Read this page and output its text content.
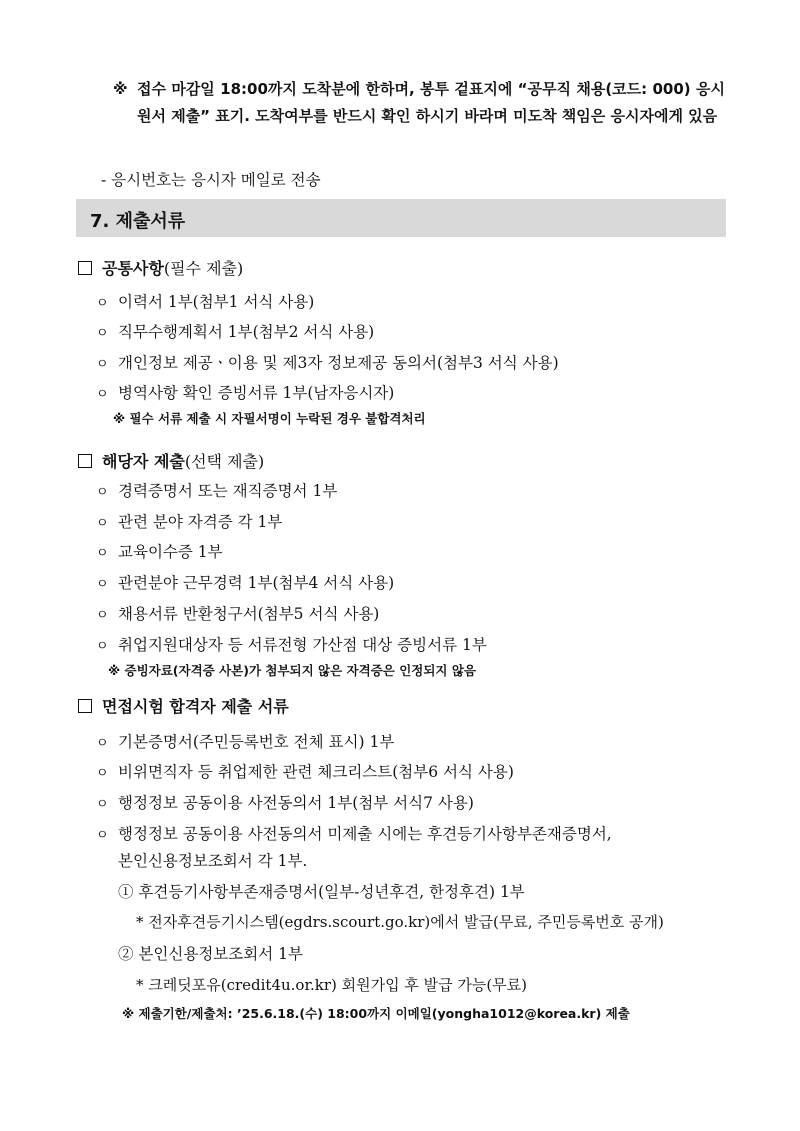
※ 접수 마감일 18:00까지 도착분에 한하며, 봉투 겉표지에 “공무직 채용(코드: 000) 응시원서 제출” 표기. 도착여부를 반드시 확인 하시기 바라며 미도착 책임은 응시자에게 있음
- 응시번호는 응시자 메일로 전송
7. 제출서류
공통사항(필수 제출)
ㅇ 이력서 1부(첨부1 서식 사용)
ㅇ 직무수행계획서 1부(첨부2 서식 사용)
ㅇ 개인정보 제공ㆍ이용 및 제3자 정보제공 동의서(첨부3 서식 사용)
ㅇ 병역사항 확인 증빙서류 1부(남자응시자)
※ 필수 서류 제출 시 자필서명이 누락된 경우 불합격처리
해당자 제출(선택 제출)
ㅇ 경력증명서 또는 재직증명서 1부
ㅇ 관련 분야 자격증 각 1부
ㅇ 교육이수증 1부
ㅇ 관련분야 근무경력 1부(첨부4 서식 사용)
ㅇ 채용서류 반환청구서(첨부5 서식 사용)
ㅇ 취업지원대상자 등 서류전형 가산점 대상 증빙서류 1부
※ 증빙자료(자격증 사본)가 첨부되지 않은 자격증은 인정되지 않음
면접시험 합격자 제출 서류
ㅇ 기본증명서(주민등록번호 전체 표시) 1부
ㅇ 비위면직자 등 취업제한 관련 체크리스트(첨부6 서식 사용)
ㅇ 행정정보 공동이용 사전동의서 1부(첨부 서식7 사용)
ㅇ 행정정보 공동이용 사전동의서 미제출 시에는 후견등기사항부존재증명서,
본인신용정보조회서 각 1부.
① 후견등기사항부존재증명서(일부-성년후견, 한정후견) 1부
* 전자후견등기시스템(egdrs.scourt.go.kr)에서 발급(무료, 주민등록번호 공개)
② 본인신용정보조회서 1부
* 크레딧포유(credit4u.or.kr) 회원가입 후 발급 가능(무료)
※ 제출기한/제출처: ’25.6.18.(수) 18:00까지 이메일(yongha1012@korea.kr) 제출
